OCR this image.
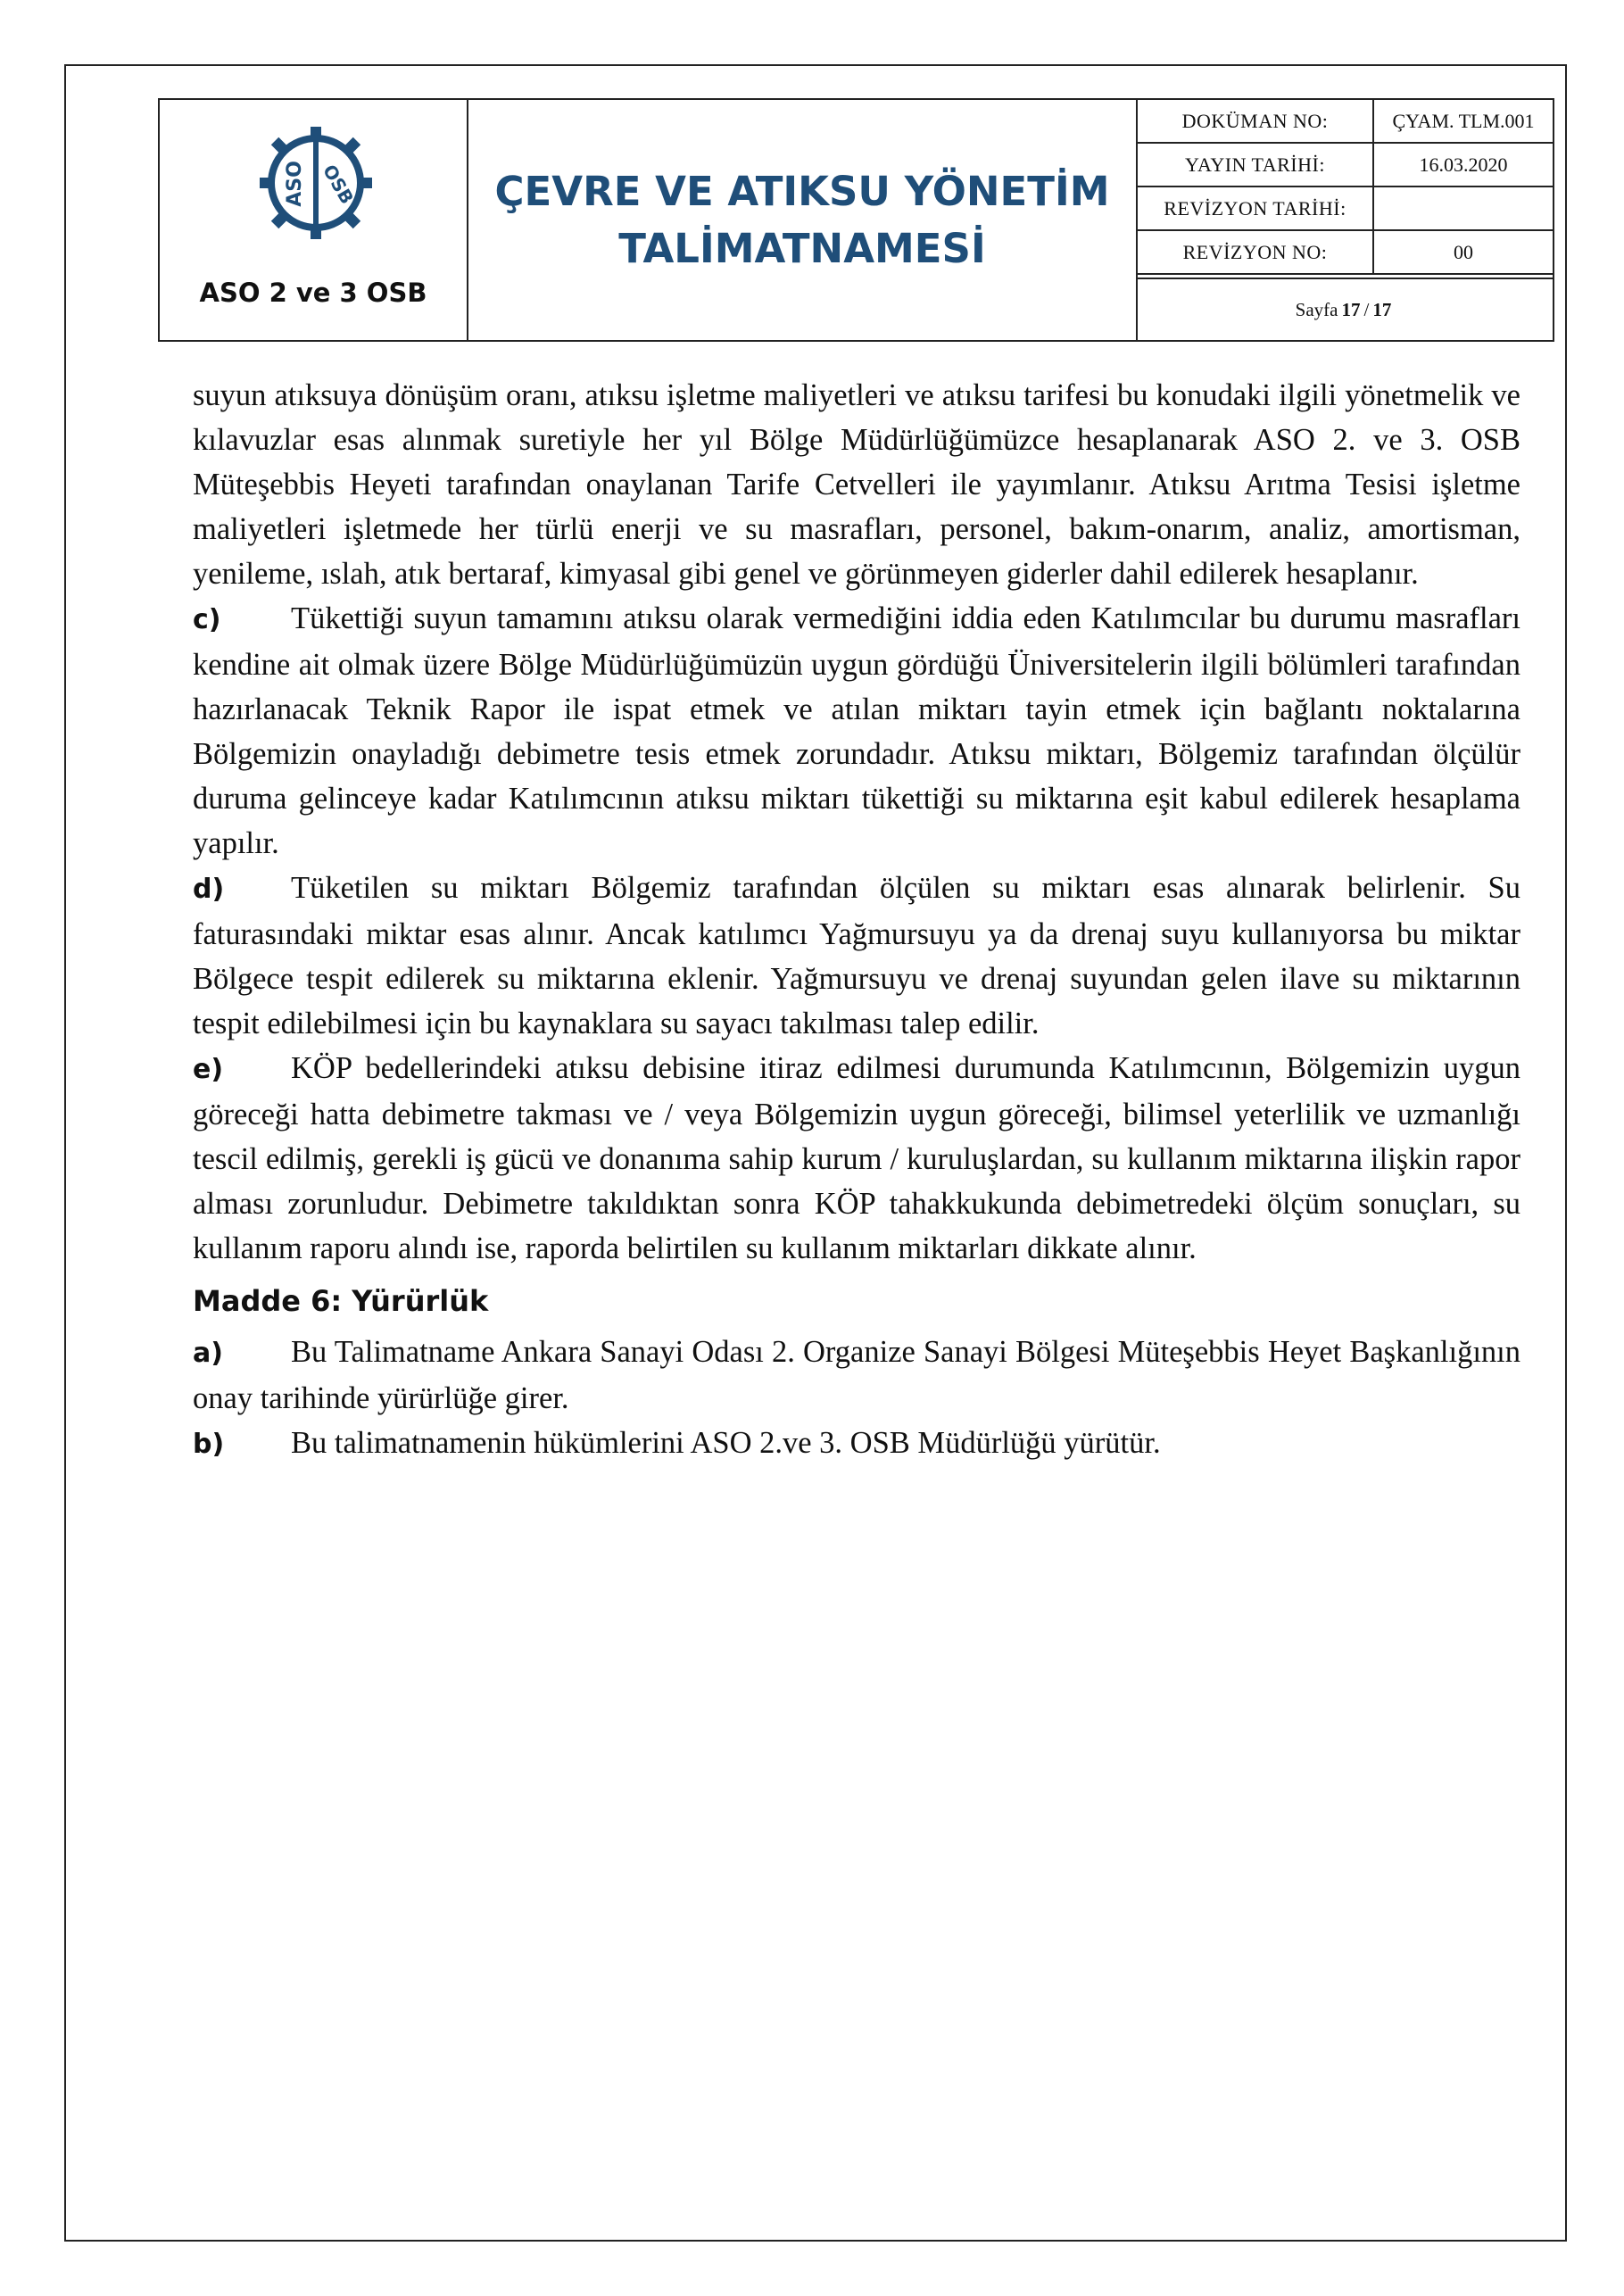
ASO OSB
ASO 2 ve 3 OSB
ÇEVRE VE ATIKSU YÖNETİM
TALİMATNAMESİ
DOKÜMAN NO:	ÇYAM. TLM.001
YAYIN TARİHİ:	16.03.2020
REVİZYON TARİHİ:
REVİZYON NO:	00
Sayfa 17 / 17

suyun atıksuya dönüşüm oranı, atıksu işletme maliyetleri ve atıksu tarifesi bu konudaki ilgili yönetmelik ve kılavuzlar esas alınmak suretiyle her yıl Bölge Müdürlüğümüzce hesaplanarak ASO 2. ve 3. OSB Müteşebbis Heyeti tarafından onaylanan Tarife Cetvelleri ile yayımlanır. Atıksu Arıtma Tesisi işletme maliyetleri işletmede her türlü enerji ve su masrafları, personel, bakım-onarım, analiz, amortisman, yenileme, ıslah, atık bertaraf, kimyasal gibi genel ve görünmeyen giderler dahil edilerek hesaplanır.

c) Tükettiği suyun tamamını atıksu olarak vermediğini iddia eden Katılımcılar bu durumu masrafları kendine ait olmak üzere Bölge Müdürlüğümüzün uygun gördüğü Üniversitelerin ilgili bölümleri tarafından hazırlanacak Teknik Rapor ile ispat etmek ve atılan miktarı tayin etmek için bağlantı noktalarına Bölgemizin onayladığı debimetre tesis etmek zorundadır. Atıksu miktarı, Bölgemiz tarafından ölçülür duruma gelinceye kadar Katılımcının atıksu miktarı tükettiği su miktarına eşit kabul edilerek hesaplama yapılır.

d) Tüketilen su miktarı Bölgemiz tarafından ölçülen su miktarı esas alınarak belirlenir. Su faturasındaki miktar esas alınır. Ancak katılımcı Yağmursuyu ya da drenaj suyu kullanıyorsa bu miktar Bölgece tespit edilerek su miktarına eklenir. Yağmursuyu ve drenaj suyundan gelen ilave su miktarının tespit edilebilmesi için bu kaynaklara su sayacı takılması talep edilir.

e) KÖP bedellerindeki atıksu debisine itiraz edilmesi durumunda Katılımcının, Bölgemizin uygun göreceği hatta debimetre takması ve / veya Bölgemizin uygun göreceği, bilimsel yeterlilik ve uzmanlığı tescil edilmiş, gerekli iş gücü ve donanıma sahip kurum / kuruluşlardan, su kullanım miktarına ilişkin rapor alması zorunludur. Debimetre takıldıktan sonra KÖP tahakkukunda debimetredeki ölçüm sonuçları, su kullanım raporu alındı ise, raporda belirtilen su kullanım miktarları dikkate alınır.

Madde 6: Yürürlük

a) Bu Talimatname Ankara Sanayi Odası 2. Organize Sanayi Bölgesi Müteşebbis Heyet Başkanlığının onay tarihinde yürürlüğe girer.

b) Bu talimatnamenin hükümlerini ASO 2.ve 3. OSB Müdürlüğü yürütür.
